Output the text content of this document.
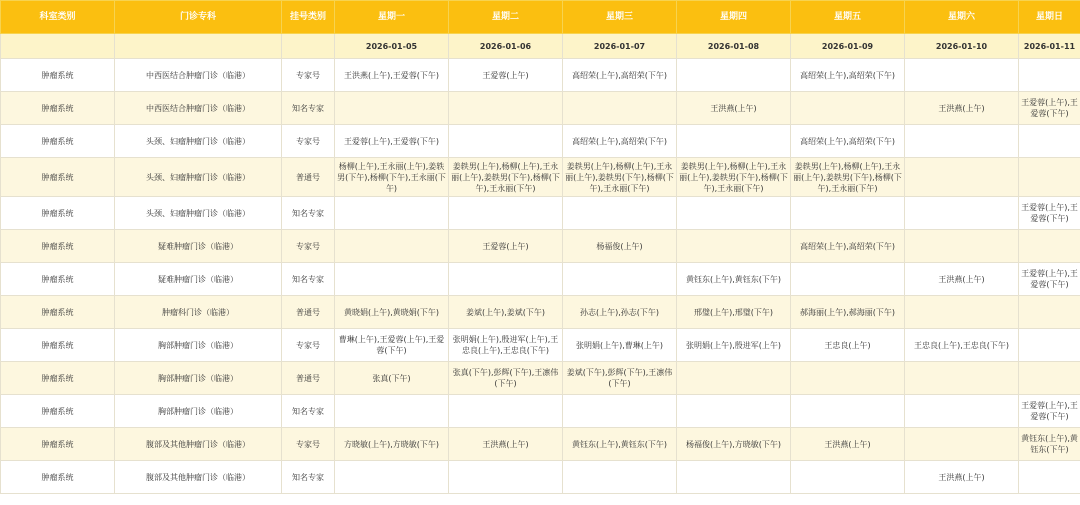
科室类别	门诊专科	挂号类别	星期一	星期二	星期三	星期四	星期五	星期六	星期日
			2026-01-05	2026-01-06	2026-01-07	2026-01-08	2026-01-09	2026-01-10	2026-01-11
肿瘤系统	中西医结合肿瘤门诊（临港）	专家号	王洪燕(上午),王爱蓉(下午)	王爱蓉(上午)	高绍荣(上午),高绍荣(下午)		高绍荣(上午),高绍荣(下午)		
肿瘤系统	中西医结合肿瘤门诊（临港）	知名专家				王洪燕(上午)		王洪燕(上午)	王爱蓉(上午),王爱蓉(下午)
肿瘤系统	头颈、妇瘤肿瘤门诊（临港）	专家号	王爱蓉(上午),王爱蓉(下午)		高绍荣(上午),高绍荣(下午)		高绍荣(上午),高绍荣(下午)		
肿瘤系统	头颈、妇瘤肿瘤门诊（临港）	普通号	杨柳(上午),王永丽(上午),姜轶男(下午),杨柳(下午),王永丽(下午)	姜轶男(上午),杨柳(上午),王永丽(上午),姜轶男(下午),杨柳(下午),王永丽(下午)	姜轶男(上午),杨柳(上午),王永丽(上午),姜轶男(下午),杨柳(下午),王永丽(下午)	姜轶男(上午),杨柳(上午),王永丽(上午),姜轶男(下午),杨柳(下午),王永丽(下午)	姜轶男(上午),杨柳(上午),王永丽(上午),姜轶男(下午),杨柳(下午),王永丽(下午)		
肿瘤系统	头颈、妇瘤肿瘤门诊（临港）	知名专家							王爱蓉(上午),王爱蓉(下午)
肿瘤系统	疑难肿瘤门诊（临港）	专家号		王爱蓉(上午)	杨福俊(上午)		高绍荣(上午),高绍荣(下午)		
肿瘤系统	疑难肿瘤门诊（临港）	知名专家				黄钰东(上午),黄钰东(下午)		王洪燕(上午)	王爱蓉(上午),王爱蓉(下午)
肿瘤系统	肿瘤科门诊（临港）	普通号	黄晓娟(上午),黄晓娟(下午)	姜斌(上午),姜斌(下午)	孙志(上午),孙志(下午)	邢璧(上午),邢璧(下午)	郝海丽(上午),郝海丽(下午)		
肿瘤系统	胸部肿瘤门诊（临港）	专家号	曹琳(上午),王爱蓉(上午),王爱蓉(下午)	张明娟(上午),殷进军(上午),王忠良(上午),王忠良(下午)	张明娟(上午),曹琳(上午)	张明娟(上午),殷进军(上午)	王忠良(上午)	王忠良(上午),王忠良(下午)	
肿瘤系统	胸部肿瘤门诊（临港）	普通号	张真(下午)	张真(下午),彭辉(下午),王凛伟(下午)	姜斌(下午),彭辉(下午),王凛伟(下午)				
肿瘤系统	胸部肿瘤门诊（临港）	知名专家							王爱蓉(上午),王爱蓉(下午)
肿瘤系统	腹部及其他肿瘤门诊（临港）	专家号	方晓敏(上午),方晓敏(下午)	王洪燕(上午)	黄钰东(上午),黄钰东(下午)	杨福俊(上午),方晓敏(下午)	王洪燕(上午)		黄钰东(上午),黄钰东(下午)
肿瘤系统	腹部及其他肿瘤门诊（临港）	知名专家						王洪燕(上午)	
